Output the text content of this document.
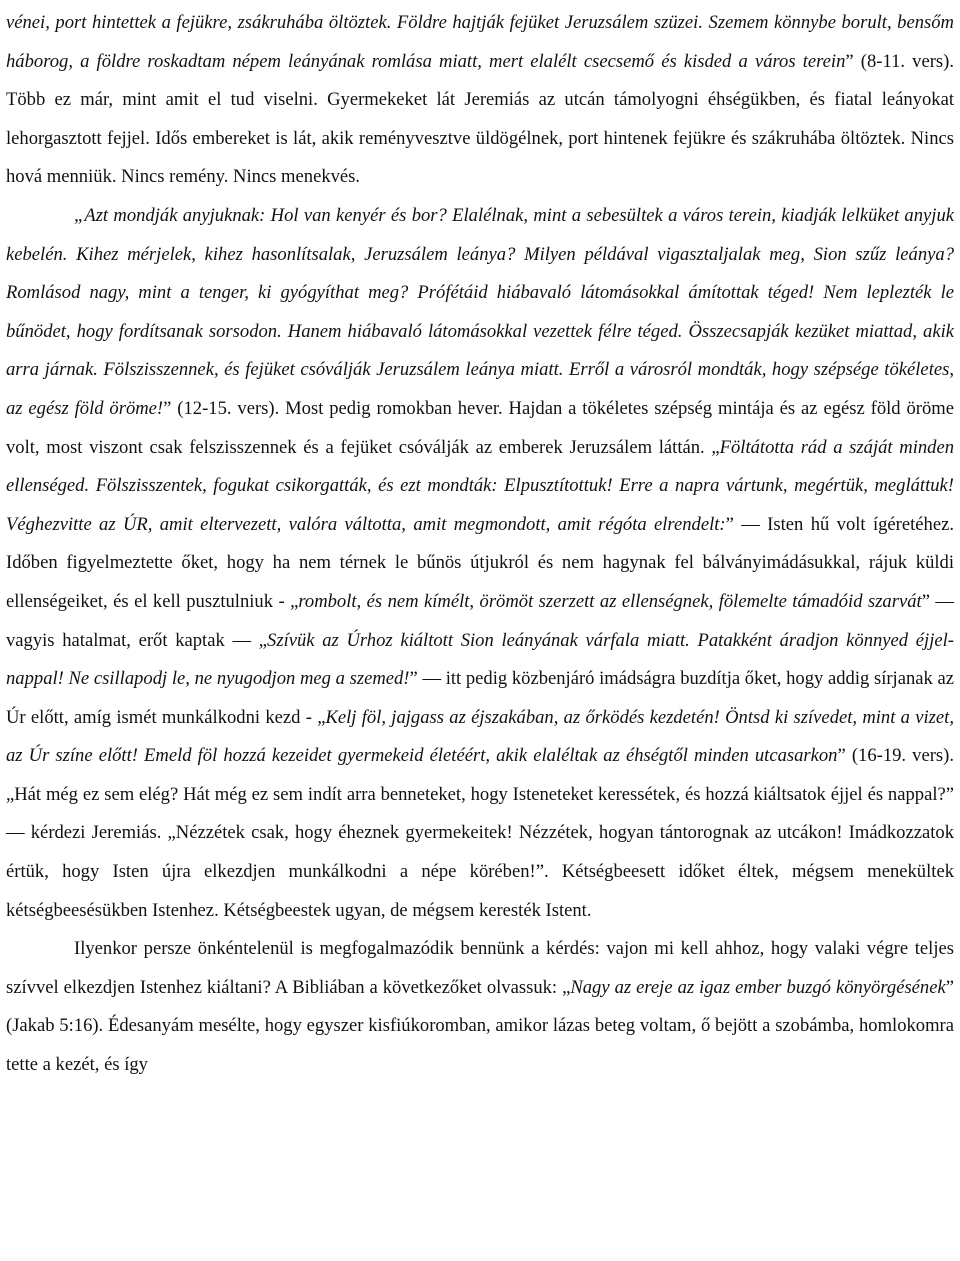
vénei, port hintettek a fejükre, zsákruhába öltöztek. Földre hajtják fejüket Jeruzsálem szüzei. Szemem könnybe borult, bensőm háborog, a földre roskadtam népem leányának romlása miatt, mert elalélt csecsemő és kisded a város terein” (8-11. vers). Több ez már, mint amit el tud viselni. Gyermekeket lát Jeremiás az utcán támolyogni éhségükben, és fiatal leányokat lehorgasztott fejjel. Idős embereket is lát, akik reményvesztve üldögélnek, port hintenek fejükre és szákruhába öltöztek. Nincs hová menniük. Nincs remény. Nincs menekvés.

„Azt mondják anyjuknak: Hol van kenyér és bor? Elalélnak, mint a sebesültek a város terein, kiadják lelküket anyjuk kebelén. Kihez mérjelek, kihez hasonlítsalak, Jeruzsálem leánya? Milyen példával vigasztaljalak meg, Sion szűz leánya? Romlásod nagy, mint a tenger, ki gyógyíthat meg? Prófétáid hiábavaló látomásokkal ámítottak téged! Nem leplezték le bűnödet, hogy fordítsanak sorsodon. Hanem hiábavaló látomásokkal vezettek félre téged. Összecsapják kezüket miattad, akik arra járnak. Fölszisszennek, és fejüket csóválják Jeruzsálem leánya miatt. Erről a városról mondták, hogy szépsége tökéletes, az egész föld öröme!” (12-15. vers). Most pedig romokban hever. Hajdan a tökéletes szépség mintája és az egész föld öröme volt, most viszont csak felszisszennek és a fejüket csóválják az emberek Jeruzsálem láttán. „Föltátotta rád a száját minden ellenséged. Fölszisszentek, fogukat csikorgatták, és ezt mondták: Elpusztítottuk! Erre a napra vártunk, megértük, megláttuk! Véghezvitte az ÚR, amit eltervezett, valóra váltotta, amit megmondott, amit régóta elrendelt:” — Isten hű volt ígéretéhez. Időben figyelmeztette őket, hogy ha nem térnek le bűnös útjukról és nem hagynak fel bálványimádásukkal, rájuk küldi ellenségeiket, és el kell pusztulniuk - „rombolt, és nem kímélt, örömöt szerzett az ellenségnek, fölemelte támadóid szarvát” — vagyis hatalmat, erőt kaptak — „Szívük az Úrhoz kiáltott Sion leányának várfala miatt. Patakként áradjon könnyed éjjel-nappal! Ne csillapodj le, ne nyugodjon meg a szemed!” — itt pedig közbenjáró imádságra buzdítja őket, hogy addig sírjanak az Úr előtt, amíg ismét munkálkodni kezd - „Kelj föl, jajgass az éjszakában, az őrködés kezdetén! Öntsd ki szívedet, mint a vizet, az Úr színe előtt! Emeld föl hozzá kezeidet gyermekeid életéért, akik elaléltak az éhségtől minden utcasarkon” (16-19. vers). „Hát még ez sem elég? Hát még ez sem indít arra benneteket, hogy Isteneteket keressétek, és hozzá kiáltsatok éjjel és nappal?” — kérdezi Jeremiás. „Nézzétek csak, hogy éheznek gyermekeitek! Nézzétek, hogyan tántorognak az utcákon! Imádkozzatok értük, hogy Isten újra elkezdjen munkálkodni a népe körében!”. Kétségbeesett időket éltek, mégsem menekültek kétségbeesésükben Istenhez. Kétségbeestek ugyan, de mégsem keresték Istent.

Ilyenkor persze önkéntelenül is megfogalmazódik bennünk a kérdés: vajon mi kell ahhoz, hogy valaki végre teljes szívvel elkezdjen Istenhez kiáltani? A Bibliában a következőket olvassuk: „Nagy az ereje az igaz ember buzgó könyörgésének” (Jakab 5:16). Édesanyám mesélte, hogy egyszer kisfiúkoromban, amikor lázas beteg voltam, ő bejött a szobámba, homlokomra tette a kezét, és így
